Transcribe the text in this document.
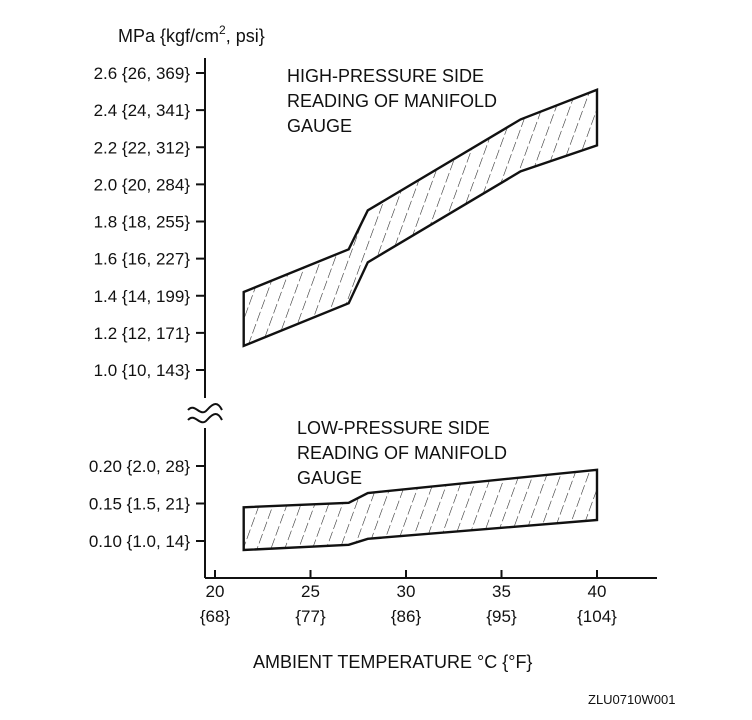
MPa {$kgf/cm^2$, psi}
HIGH-PRESSURE SIDE READING OF MANIFOLD GAUGE
LOW-PRESSURE SIDE READING OF MANIFOLD GAUGE
AMBIENT TEMPERATURE °C {°F}
ZLU0710W001
2.6 {26, 369}
2.4 {24, 341}
2.2 {22, 312}
2.0 {20, 284}
1.8 {18, 255}
1.6 {16, 227}
1.4 {14, 199}
1.2 {12, 171}
1.0 {10, 143}
0.20 {2.0, 28}
0.15 {1.5, 21}
0.10 {1.0, 14}
20
{68}
25
{77}
30
{86}
35
{95}
40
{104}
